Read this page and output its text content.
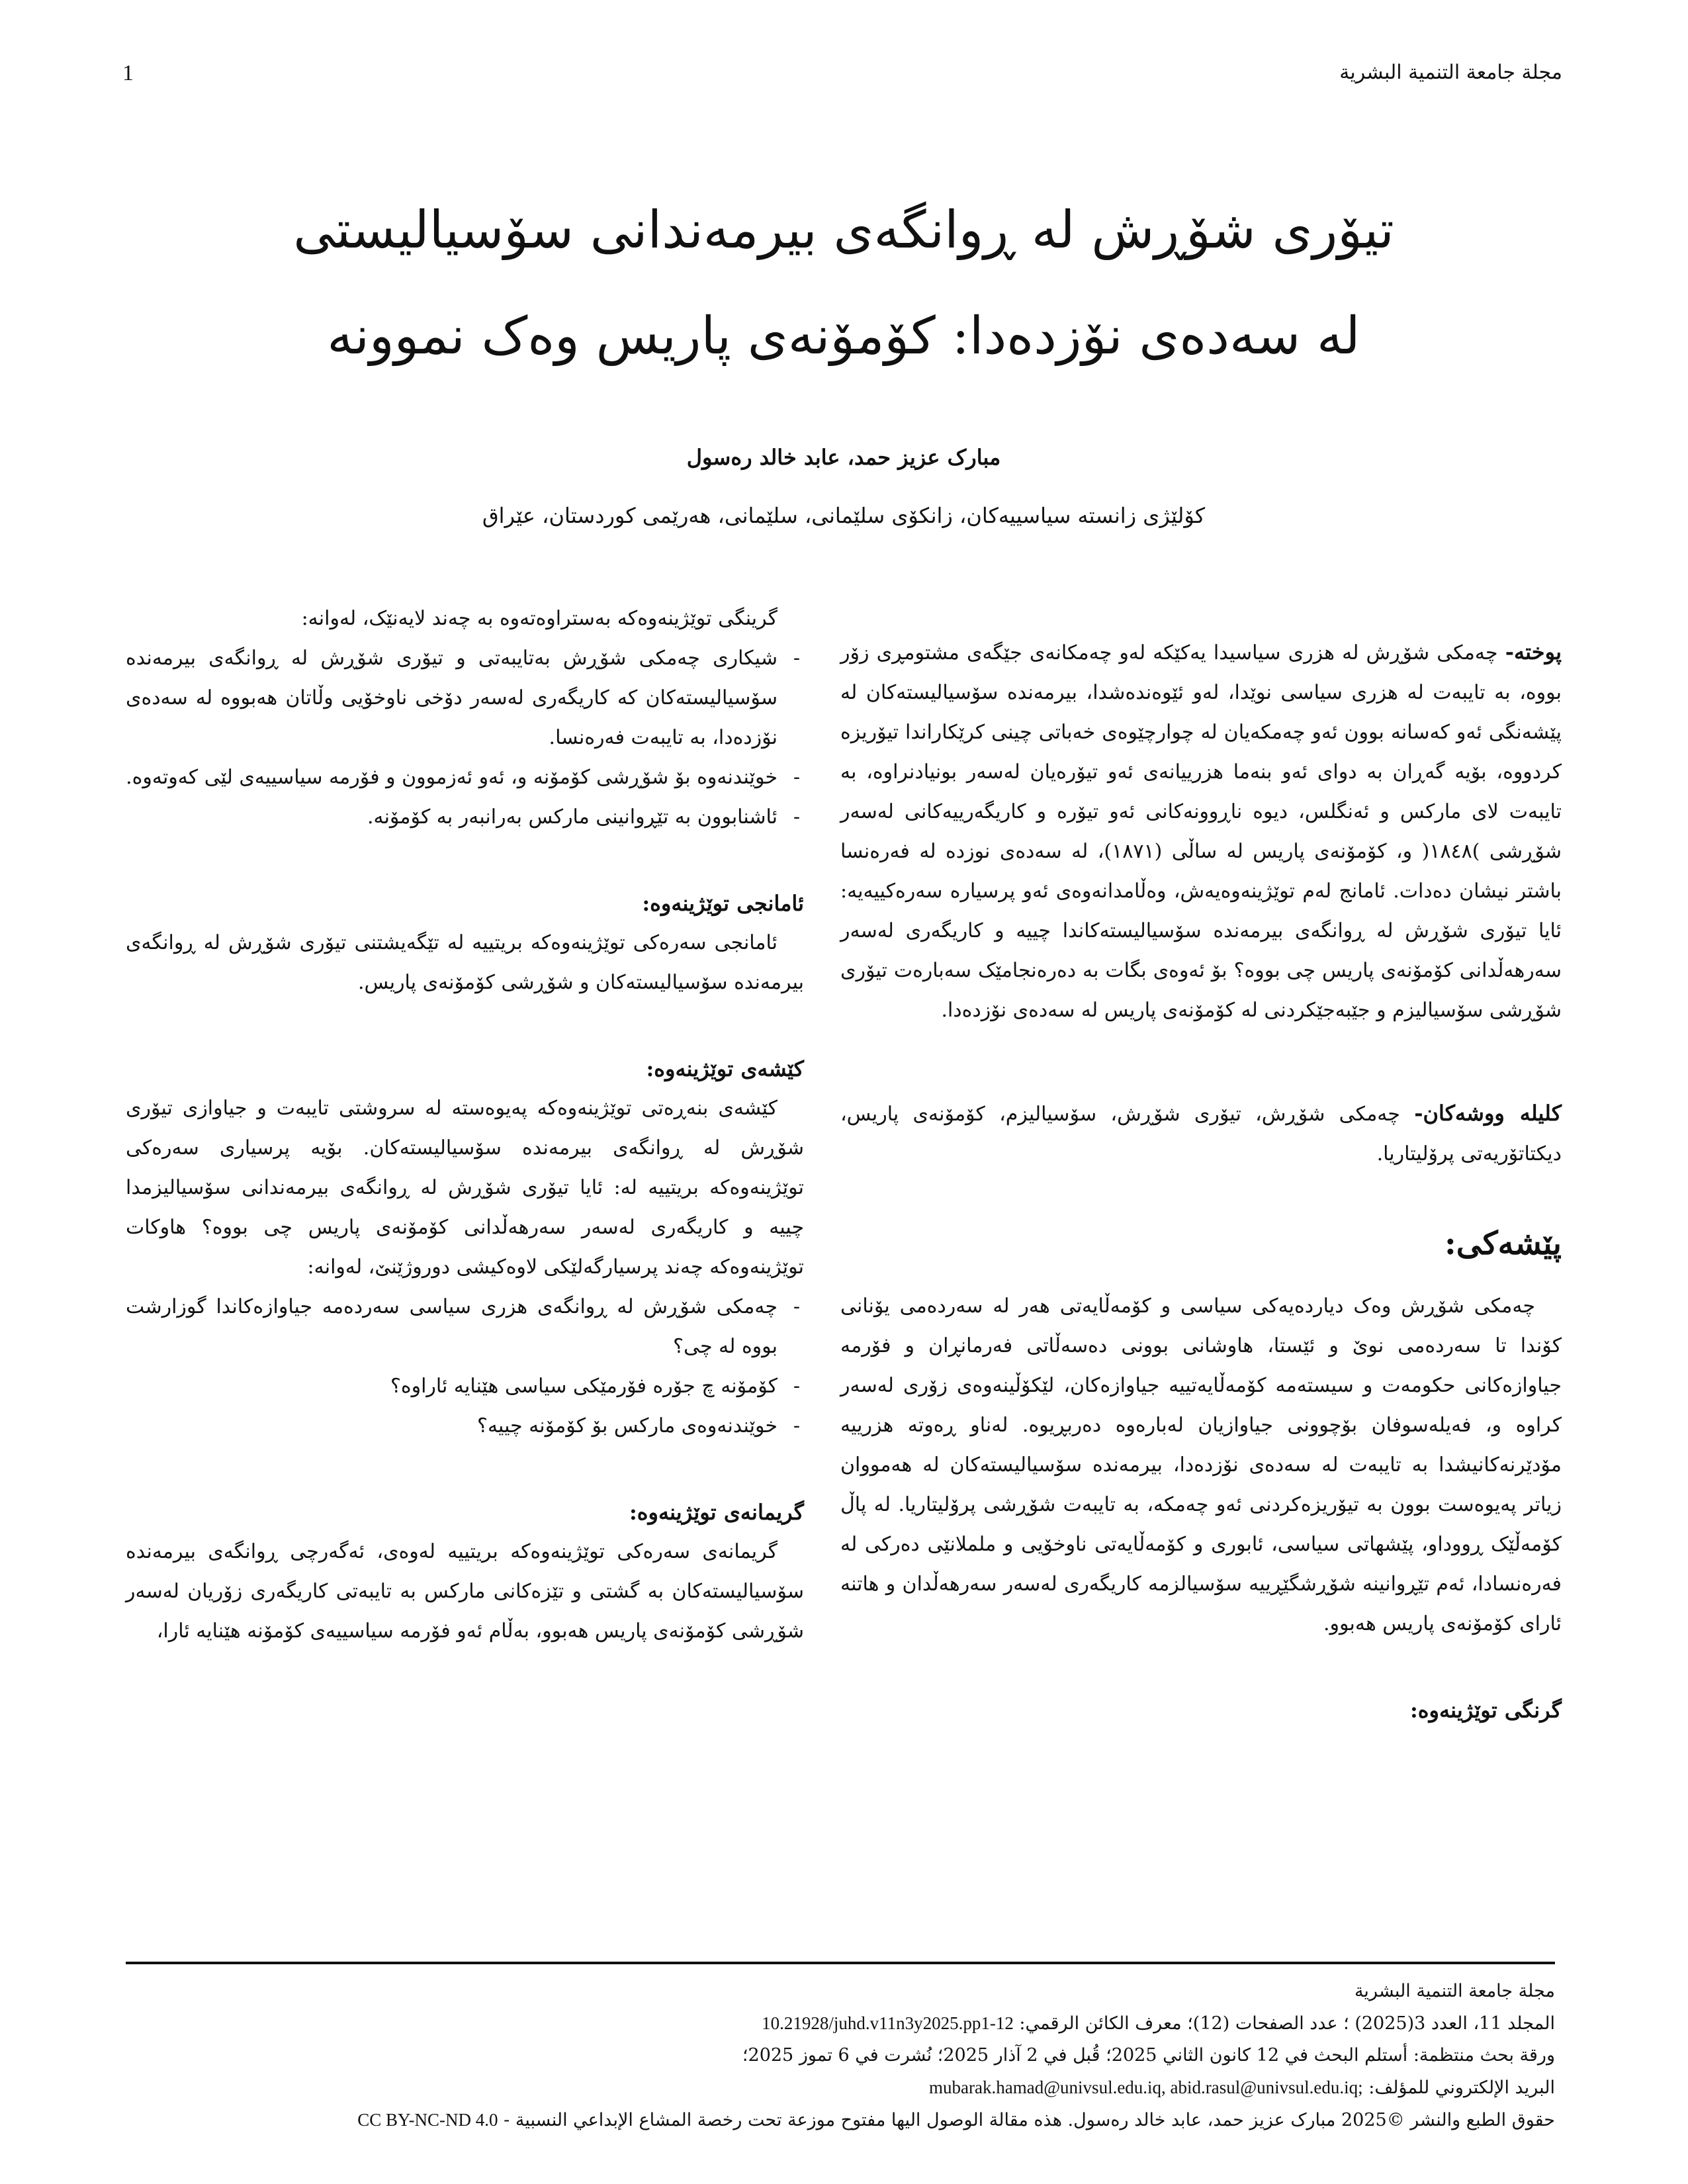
1	مجلة جامعة التنمية البشرية
تیۆری شۆڕش لە ڕوانگەی بیرمەندانی سۆسیالیستی
لە سەدەی نۆزدەدا: کۆمۆنەی پاریس وەک نموونە
مبارک عزیز حمد، عابد خالد رەسول
کۆلێژی زانستە سیاسییەکان، زانکۆی سلێمانی، سلێمانی، هەرێمی کوردستان، عێراق

پوختە- چەمکی شۆڕش لە هزری سیاسیدا یەکێکە لەو چەمکانەی جێگەی مشتومڕی زۆر بووە، بە تایبەت لە هزری سیاسی نوێدا، لەو ئێوەندەشدا، بیرمەندە سۆسیالیستەکان لە پێشەنگی ئەو کەسانە بوون ئەو چەمکەیان لە چوارچێوەی خەباتی چینی کرێکاراندا تیۆریزە کردووە، بۆیە گەڕان بە دوای ئەو بنەما هزرییانەی ئەو تیۆرەیان لەسەر بونیادنراوە، بە تایبەت لای مارکس و ئەنگلس، دیوە ناڕوونەکانی ئەو تیۆرە و کاریگەرییەکانی لەسەر شۆڕشی )١٨٤٨( و، کۆمۆنەی پاریس لە ساڵی (١٨٧١)، لە سەدەی نوزدە لە فەرەنسا باشتر نیشان دەدات. ئامانج لەم توێژینەوەیەش، وەڵامدانەوەی ئەو پرسیارە سەرەکییەیە: ئایا تیۆری شۆڕش لە ڕوانگەی بیرمەندە سۆسیالیستەکاندا چییە و کاریگەری لەسەر سەرهەڵدانی کۆمۆنەی پاریس چی بووە؟ بۆ ئەوەی بگات بە دەرەنجامێک سەبارەت تیۆری شۆڕشی سۆسیالیزم و جێبەجێکردنی لە کۆمۆنەی پاریس لە سەدەی نۆزدەدا.

کلیلە ووشەکان- چەمکی شۆڕش، تیۆری شۆڕش، سۆسیالیزم، کۆمۆنەی پاریس، دیکتاتۆریەتی پرۆلیتاریا.

پێشەکی:

چەمکی شۆڕش وەک دیاردەیەکی سیاسی و کۆمەڵایەتی هەر لە سەردەمی یۆنانی کۆندا تا سەردەمی نوێ و ئێستا، هاوشانی بوونی دەسەڵاتی فەرمانڕان و فۆرمە جیاوازەکانی حکومەت و سیستەمە کۆمەڵایەتییە جیاوازەکان، لێکۆڵینەوەی زۆری لەسەر کراوە و، فەیلەسوفان بۆچوونی جیاوازیان لەبارەوە دەربڕیوە. لەناو ڕەوتە هزرییە مۆدێرنەکانیشدا بە تایبەت لە سەدەی نۆزدەدا، بیرمەندە سۆسیالیستەکان لە هەمووان زیاتر پەیوەست بوون بە تیۆریزەکردنی ئەو چەمکە، بە تایبەت شۆڕشی پرۆلیتاریا. لە پاڵ کۆمەڵێک ڕووداو، پێشهاتی سیاسی، ئابوری و کۆمەڵایەتی ناوخۆیی و ململانێی دەرکی لە فەرەنسادا، ئەم تێڕوانینە شۆڕشگێڕییە سۆسیالزمە کاریگەری لەسەر سەرهەڵدان و هاتنە ئارای کۆمۆنەی پاریس هەبوو.

گرنگی توێژینەوە:

گرینگی توێژینەوەکە بەستراوەتەوە بە چەند لایەنێک، لەوانە:

- شیکاری چەمکی شۆڕش بەتایبەتی و تیۆری شۆڕش لە ڕوانگەی بیرمەندە سۆسیالیستەکان کە کاریگەری لەسەر دۆخی ناوخۆیی وڵاتان هەبووە لە سەدەی نۆزدەدا، بە تایبەت فەرەنسا.
- خوێندنەوە بۆ شۆڕشی کۆمۆنە و، ئەو ئەزموون و فۆرمە سیاسییەی لێی کەوتەوە.
- ئاشنابوون بە تێڕوانینی مارکس بەرانبەر بە کۆمۆنە.

ئامانجی توێژینەوە:

ئامانجی سەرەکی توێژینەوەکە بریتییە لە تێگەیشتنی تیۆری شۆڕش لە ڕوانگەی بیرمەندە سۆسیالیستەکان و شۆڕشی کۆمۆنەی پاریس.

کێشەی توێژینەوە:

کێشەی بنەڕەتی توێژینەوەکە پەیوەستە لە سروشتی تایبەت و جیاوازی تیۆری شۆڕش لە ڕوانگەی بیرمەندە سۆسیالیستەکان. بۆیە پرسیاری سەرەکی توێژینەوەکە بریتییە لە: ئایا تیۆری شۆڕش لە ڕوانگەی بیرمەندانی سۆسیالیزمدا چییە و کاریگەری لەسەر سەرهەڵدانی کۆمۆنەی پاریس چی بووە؟ هاوکات توێژینەوەکە چەند پرسیارگەلێکی لاوەکیشی دوروژێنێ، لەوانە:

- چەمکی شۆڕش لە ڕوانگەی هزری سیاسی سەردەمە جیاوازەکاندا گوزارشت بووە لە چی؟
- کۆمۆنە چ جۆرە فۆرمێکی سیاسی هێنایە ئاراوە؟
- خوێندنەوەی مارکس بۆ کۆمۆنە چییە؟

گریمانەی توێژینەوە:

گریمانەی سەرەکی توێژینەوەکە بریتییە لەوەی، ئەگەرچی ڕوانگەی بیرمەندە سۆسیالیستەکان بە گشتی و تێزەکانی مارکس بە تایبەتی کاریگەری زۆریان لەسەر شۆڕشی کۆمۆنەی پاریس هەبوو، بەڵام ئەو فۆرمە سیاسییەی کۆمۆنە هێنایە ئارا،

مجلة جامعة التنمية البشرية
المجلد 11، العدد 3(2025) ؛ عدد الصفحات (12)؛ معرف الكائن الرقمي: 10.21928/juhd.v11n3y2025.pp1-12
ورقة بحث منتظمة: أستلم البحث في 12 كانون الثاني 2025؛ قُبل في 2 آذار 2025؛ نُشرت في 6 تموز 2025؛
البريد الإلكتروني للمؤلف: mubarak.hamad@univsul.edu.iq, abid.rasul@univsul.edu.iq;
حقوق الطبع والنشر ©2025 مبارک عزیز حمد، عابد خالد رەسول. هذه مقالة الوصول اليها مفتوح موزعة تحت رخصة المشاع الإبداعي النسبية - CC BY-NC-ND 4.0
